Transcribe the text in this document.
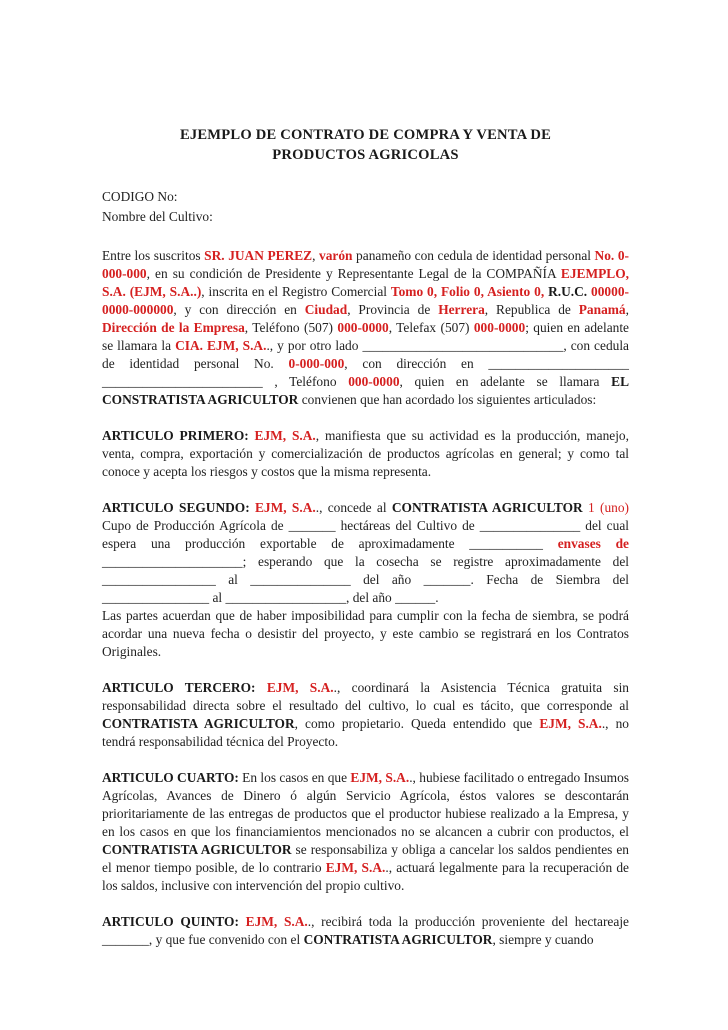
EJEMPLO DE CONTRATO DE COMPRA Y VENTA DE
PRODUCTOS AGRICOLAS
CODIGO No:
Nombre del Cultivo:

Entre los suscritos SR. JUAN PEREZ, varón panameño con cedula de identidad personal No. 0-000-000, en su condición de Presidente y Representante Legal de la COMPAÑÍA EJEMPLO, S.A. (EJM, S.A..), inscrita en el Registro Comercial Tomo 0, Folio 0, Asiento 0, R.U.C. 00000-0000-000000, y con dirección en Ciudad, Provincia de Herrera, Republica de Panamá, Dirección de la Empresa, Teléfono (507) 000-0000, Telefax (507) 000-0000; quien en adelante se llamara la CIA. EJM, S.A.., y por otro lado ______________________________, con cedula de identidad personal No. 0-000-000, con dirección en _____________________ ________________________ , Teléfono 000-0000, quien en adelante se llamara EL CONSTRATISTA AGRICULTOR convienen que han acordado los siguientes articulados:

ARTICULO PRIMERO: EJM, S.A., manifiesta que su actividad es la producción, manejo, venta, compra, exportación y comercialización de productos agrícolas en general; y como tal conoce y acepta los riesgos y costos que la misma representa.

ARTICULO SEGUNDO: EJM, S.A.., concede al CONTRATISTA AGRICULTOR 1 (uno) Cupo de Producción Agrícola de _______ hectáreas del Cultivo de _______________ del cual espera una producción exportable de aproximadamente ___________ envases de _____________________; esperando que la cosecha se registre aproximadamente del _________________ al _______________ del año _______. Fecha de Siembra del ________________ al __________________, del año ______.
Las partes acuerdan que de haber imposibilidad para cumplir con la fecha de siembra, se podrá acordar una nueva fecha o desistir del proyecto, y este cambio se registrará en los Contratos Originales.

ARTICULO TERCERO: EJM, S.A.., coordinará la Asistencia Técnica gratuita sin responsabilidad directa sobre el resultado del cultivo, lo cual es tácito, que corresponde al CONTRATISTA AGRICULTOR, como propietario. Queda entendido que EJM, S.A.., no tendrá responsabilidad técnica del Proyecto.

ARTICULO CUARTO: En los casos en que EJM, S.A.., hubiese facilitado o entregado Insumos Agrícolas, Avances de Dinero ó algún Servicio Agrícola, éstos valores se descontarán prioritariamente de las entregas de productos que el productor hubiese realizado a la Empresa, y en los casos en que los financiamientos mencionados no se alcancen a cubrir con productos, el CONTRATISTA AGRICULTOR se responsabiliza y obliga a cancelar los saldos pendientes en el menor tiempo posible, de lo contrario EJM, S.A.., actuará legalmente para la recuperación de los saldos, inclusive con intervención del propio cultivo.

ARTICULO QUINTO: EJM, S.A.., recibirá toda la producción proveniente del hectareaje _______, y que fue convenido con el CONTRATISTA AGRICULTOR, siempre y cuando
